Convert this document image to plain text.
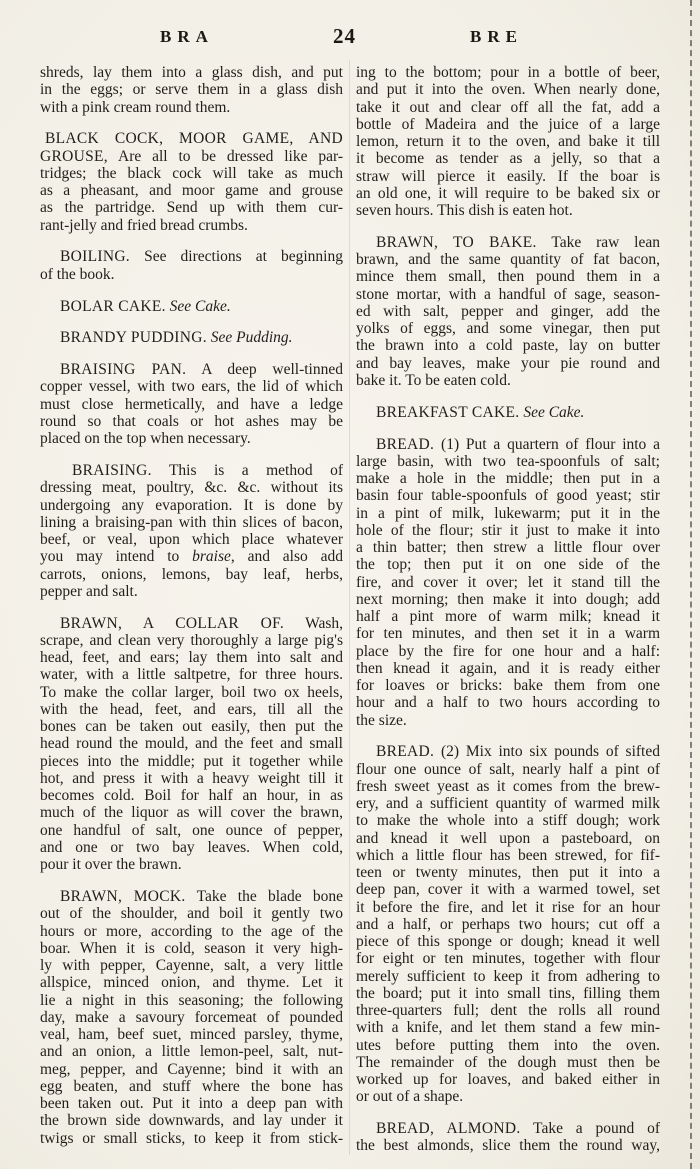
BRA	24	BRE
shreds, lay them into a glass dish, and put
in the eggs; or serve them in a glass dish
with a pink cream round them.
BLACK COCK, MOOR GAME, AND
GROUSE, Are all to be dressed like par-
tridges; the black cock will take as much
as a pheasant, and moor game and grouse
as the partridge. Send up with them cur-
rant-jelly and fried bread crumbs.
BOILING. See directions at beginning
of the book.
BOLAR CAKE. See Cake.
BRANDY PUDDING. See Pudding.
BRAISING PAN. A deep well-tinned
copper vessel, with two ears, the lid of which
must close hermetically, and have a ledge
round so that coals or hot ashes may be
placed on the top when necessary.
BRAISING. This is a method of
dressing meat, poultry, &c. &c. without its
undergoing any evaporation. It is done by
lining a braising-pan with thin slices of bacon,
beef, or veal, upon which place whatever
you may intend to braise, and also add
carrots, onions, lemons, bay leaf, herbs,
pepper and salt.
BRAWN, A COLLAR OF. Wash,
scrape, and clean very thoroughly a large pig's
head, feet, and ears; lay them into salt and
water, with a little saltpetre, for three hours.
To make the collar larger, boil two ox heels,
with the head, feet, and ears, till all the
bones can be taken out easily, then put the
head round the mould, and the feet and small
pieces into the middle; put it together while
hot, and press it with a heavy weight till it
becomes cold. Boil for half an hour, in as
much of the liquor as will cover the brawn,
one handful of salt, one ounce of pepper,
and one or two bay leaves. When cold,
pour it over the brawn.
BRAWN, MOCK. Take the blade bone
out of the shoulder, and boil it gently two
hours or more, according to the age of the
boar. When it is cold, season it very high-
ly with pepper, Cayenne, salt, a very little
allspice, minced onion, and thyme. Let it
lie a night in this seasoning; the following
day, make a savoury forcemeat of pounded
veal, ham, beef suet, minced parsley, thyme,
and an onion, a little lemon-peel, salt, nut-
meg, pepper, and Cayenne; bind it with an
egg beaten, and stuff where the bone has
been taken out. Put it into a deep pan with
the brown side downwards, and lay under it
twigs or small sticks, to keep it from stick-
ing to the bottom; pour in a bottle of beer,
and put it into the oven. When nearly done,
take it out and clear off all the fat, add a
bottle of Madeira and the juice of a large
lemon, return it to the oven, and bake it till
it become as tender as a jelly, so that a
straw will pierce it easily. If the boar is
an old one, it will require to be baked six or
seven hours. This dish is eaten hot.
BRAWN, TO BAKE. Take raw lean
brawn, and the same quantity of fat bacon,
mince them small, then pound them in a
stone mortar, with a handful of sage, season-
ed with salt, pepper and ginger, add the
yolks of eggs, and some vinegar, then put
the brawn into a cold paste, lay on butter
and bay leaves, make your pie round and
bake it. To be eaten cold.
BREAKFAST CAKE. See Cake.
BREAD. (1) Put a quartern of flour into a
large basin, with two tea-spoonfuls of salt;
make a hole in the middle; then put in a
basin four table-spoonfuls of good yeast; stir
in a pint of milk, lukewarm; put it in the
hole of the flour; stir it just to make it into
a thin batter; then strew a little flour over
the top; then put it on one side of the
fire, and cover it over; let it stand till the
next morning; then make it into dough; add
half a pint more of warm milk; knead it
for ten minutes, and then set it in a warm
place by the fire for one hour and a half:
then knead it again, and it is ready either
for loaves or bricks: bake them from one
hour and a half to two hours according to
the size.
BREAD. (2) Mix into six pounds of sifted
flour one ounce of salt, nearly half a pint of
fresh sweet yeast as it comes from the brew-
ery, and a sufficient quantity of warmed milk
to make the whole into a stiff dough; work
and knead it well upon a pasteboard, on
which a little flour has been strewed, for fif-
teen or twenty minutes, then put it into a
deep pan, cover it with a warmed towel, set
it before the fire, and let it rise for an hour
and a half, or perhaps two hours; cut off a
piece of this sponge or dough; knead it well
for eight or ten minutes, together with flour
merely sufficient to keep it from adhering to
the board; put it into small tins, filling them
three-quarters full; dent the rolls all round
with a knife, and let them stand a few min-
utes before putting them into the oven.
The remainder of the dough must then be
worked up for loaves, and baked either in
or out of a shape.
BREAD, ALMOND. Take a pound of
the best almonds, slice them the round way,
